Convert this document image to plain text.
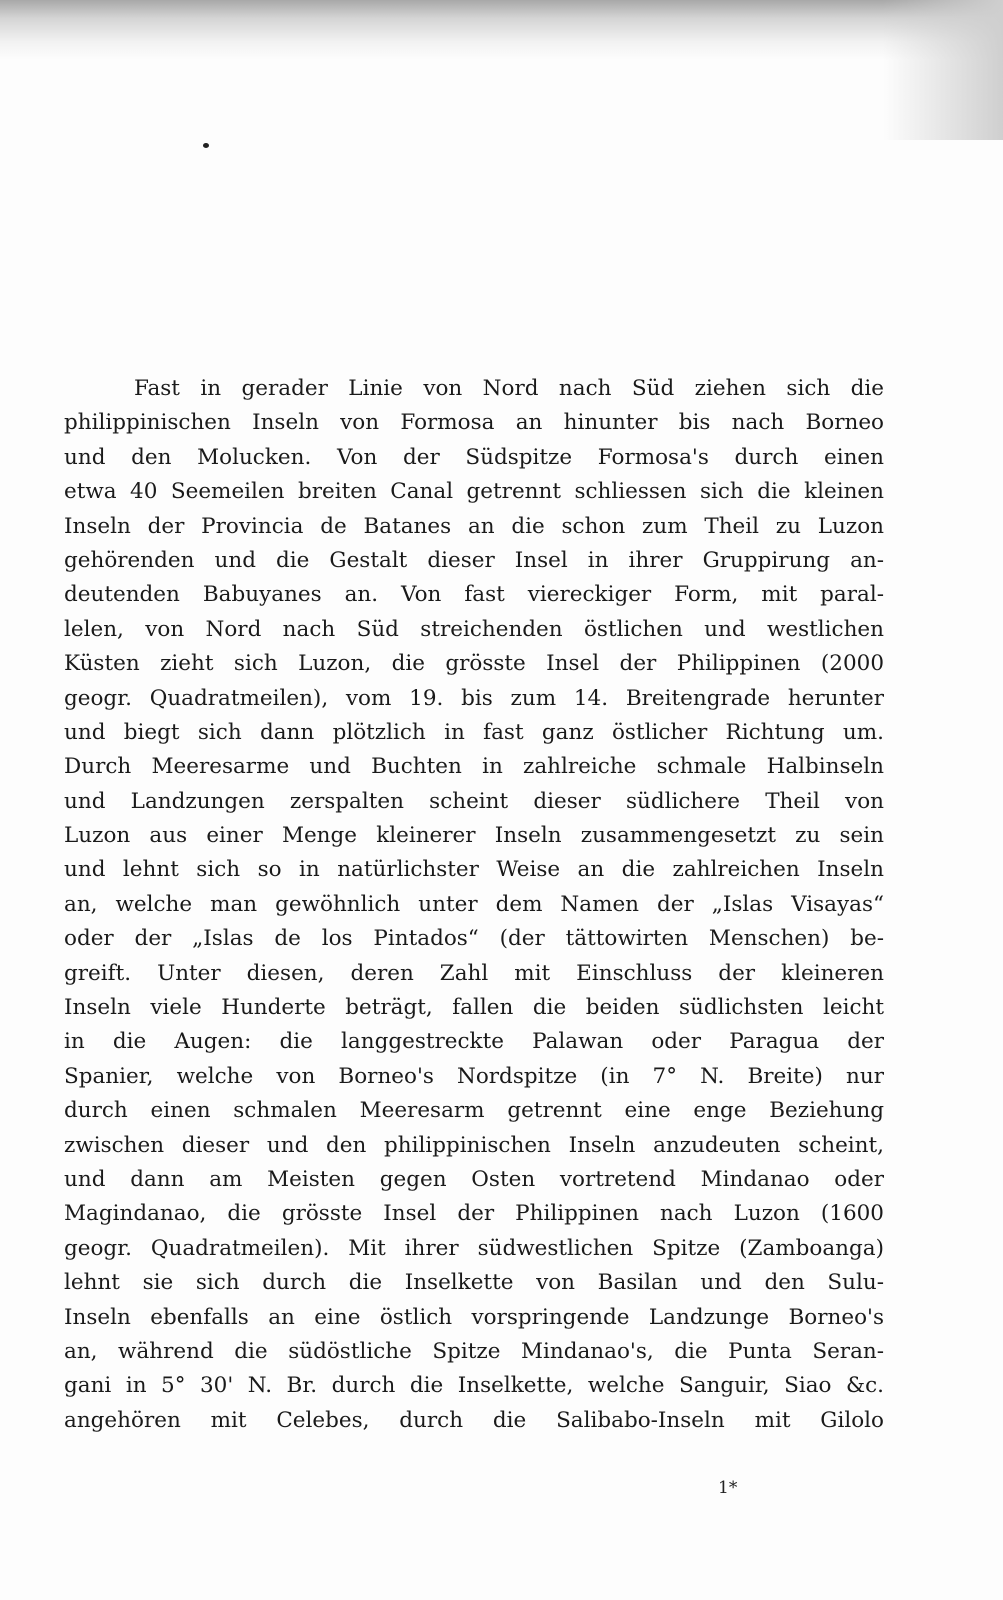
Fast in gerader Linie von Nord nach Süd ziehen sich die
philippinischen Inseln von Formosa an hinunter bis nach Borneo
und den Molucken. Von der Südspitze Formosa's durch einen
etwa 40 Seemeilen breiten Canal getrennt schliessen sich die kleinen
Inseln der Provincia de Batanes an die schon zum Theil zu Luzon
gehörenden und die Gestalt dieser Insel in ihrer Gruppirung an-
deutenden Babuyanes an. Von fast viereckiger Form, mit paral-
lelen, von Nord nach Süd streichenden östlichen und westlichen
Küsten zieht sich Luzon, die grösste Insel der Philippinen (2000
geogr. Quadratmeilen), vom 19. bis zum 14. Breitengrade herunter
und biegt sich dann plötzlich in fast ganz östlicher Richtung um.
Durch Meeresarme und Buchten in zahlreiche schmale Halbinseln
und Landzungen zerspalten scheint dieser südlichere Theil von
Luzon aus einer Menge kleinerer Inseln zusammengesetzt zu sein
und lehnt sich so in natürlichster Weise an die zahlreichen Inseln
an, welche man gewöhnlich unter dem Namen der „Islas Visayas“
oder der „Islas de los Pintados“ (der tättowirten Menschen) be-
greift. Unter diesen, deren Zahl mit Einschluss der kleineren
Inseln viele Hunderte beträgt, fallen die beiden südlichsten leicht
in die Augen: die langgestreckte Palawan oder Paragua der
Spanier, welche von Borneo's Nordspitze (in 7° N. Breite) nur
durch einen schmalen Meeresarm getrennt eine enge Beziehung
zwischen dieser und den philippinischen Inseln anzudeuten scheint,
und dann am Meisten gegen Osten vortretend Mindanao oder
Magindanao, die grösste Insel der Philippinen nach Luzon (1600
geogr. Quadratmeilen). Mit ihrer südwestlichen Spitze (Zamboanga)
lehnt sie sich durch die Inselkette von Basilan und den Sulu-
Inseln ebenfalls an eine östlich vorspringende Landzunge Borneo's
an, während die südöstliche Spitze Mindanao's, die Punta Seran-
gani in 5° 30' N. Br. durch die Inselkette, welche Sanguir, Siao &c.
angehören mit Celebes, durch die Salibabo-Inseln mit Gilolo
1*
